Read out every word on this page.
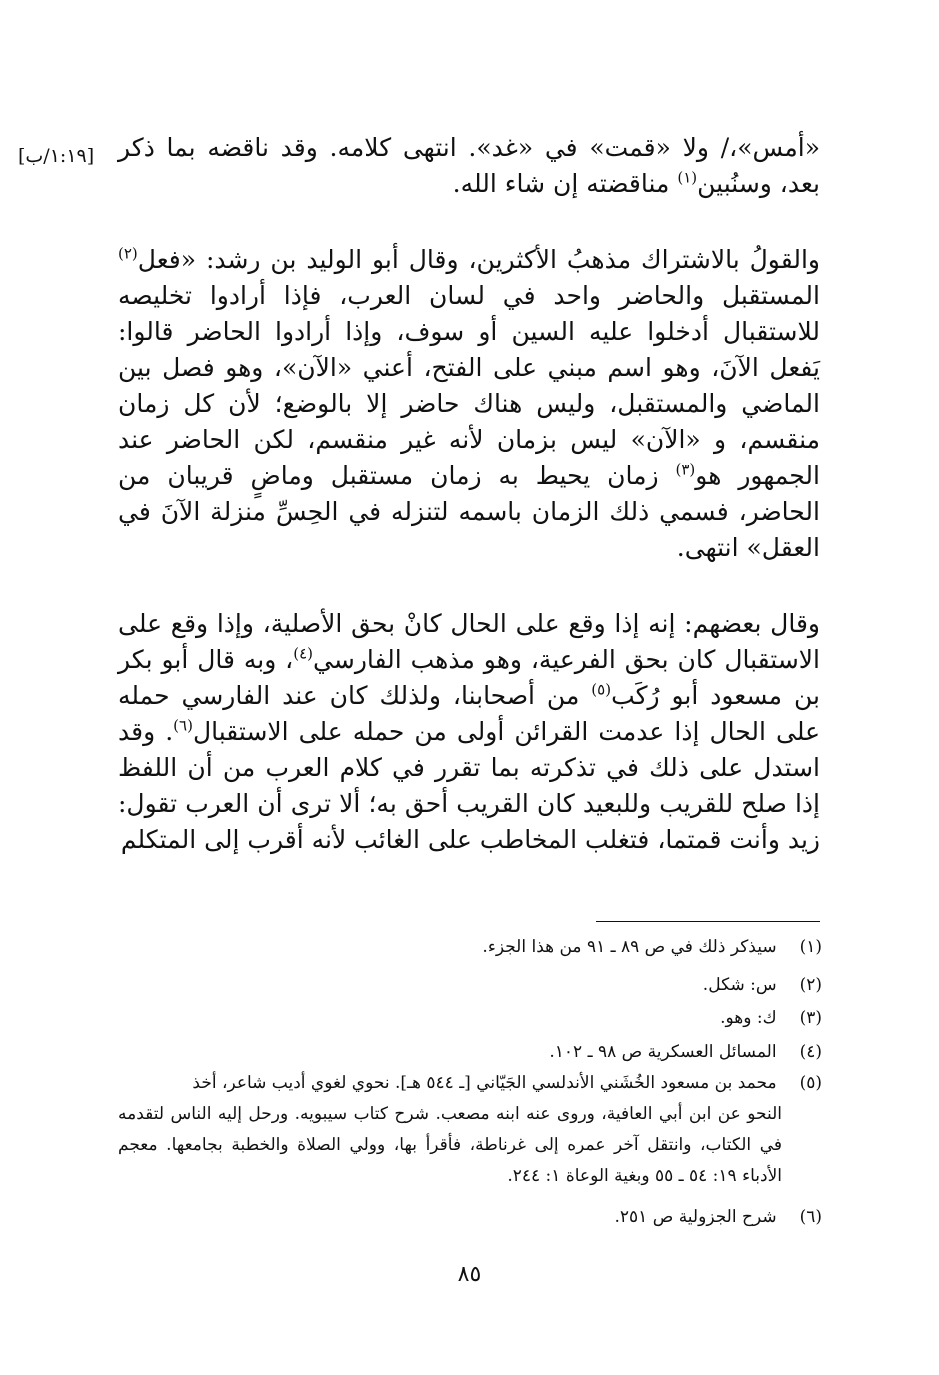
«أمس»،/ ولا «قمت» في «غد». انتهى كلامه. وقد ناقضه بما ذكر بعد، وسنُبين$^{(١)}$ مناقضته إن شاء الله.
[١:١٩/ب]
والقولُ بالاشتراك مذهبُ الأكثرين، وقال أبو الوليد بن رشد: «فعل$^{(٢)}$ المستقبل والحاضر واحد في لسان العرب، فإذا أرادوا تخليصه للاستقبال أدخلوا عليه السين أو سوف، وإذا أرادوا الحاضر قالوا: يَفعل الآنَ، وهو اسم مبني على الفتح، أعني «الآن»، وهو فصل بين الماضي والمستقبل، وليس هناك حاضر إلا بالوضع؛ لأن كل زمان منقسم، و «الآن» ليس بزمان لأنه غير منقسم، لكن الحاضر عند الجمهور هو$^{(٣)}$ زمان يحيط به زمان مستقبل وماضٍ قريبان من الحاضر، فسمي ذلك الزمان باسمه لتنزله في الحِسِّ منزلة الآنَ في العقل» انتهى.
وقال بعضهم: إنه إذا وقع على الحال كانْ بحق الأصلية، وإذا وقع على الاستقبال كان بحق الفرعية، وهو مذهب الفارسي$^{(٤)}$، وبه قال أبو بكر بن مسعود أبو رُكَب$^{(٥)}$ من أصحابنا، ولذلك كان عند الفارسي حمله على الحال إذا عدمت القرائن أولى من حمله على الاستقبال$^{(٦)}$. وقد استدل على ذلك في تذكرته بما تقرر في كلام العرب من أن اللفظ إذا صلح للقريب وللبعيد كان القريب أحق به؛ ألا ترى أن العرب تقول: زيد وأنت قمتما، فتغلب المخاطب على الغائب لأنه أقرب إلى المتكلم
(١) سيذكر ذلك في ص ٨٩ ـ ٩١ من هذا الجزء.
(٢) س: شكل.
(٣) ك: وهو.
(٤) المسائل العسكرية ص ٩٨ ـ ١٠٢.
(٥) محمد بن مسعود الخُشَني الأندلسي الجَيّاني [ـ ٥٤٤ هـ]. نحوي لغوي أديب شاعر، أخذ
النحو عن ابن أبي العافية، وروى عنه ابنه مصعب. شرح كتاب سيبويه. ورحل إليه الناس لتقدمه في الكتاب، وانتقل آخر عمره إلى غرناطة، فأقرأ بها، وولي الصلاة والخطبة بجامعها. معجم الأدباء ١٩: ٥٤ ـ ٥٥ وبغية الوعاة ١: ٢٤٤.
(٦) شرح الجزولية ص ٢٥١.
٨٥
